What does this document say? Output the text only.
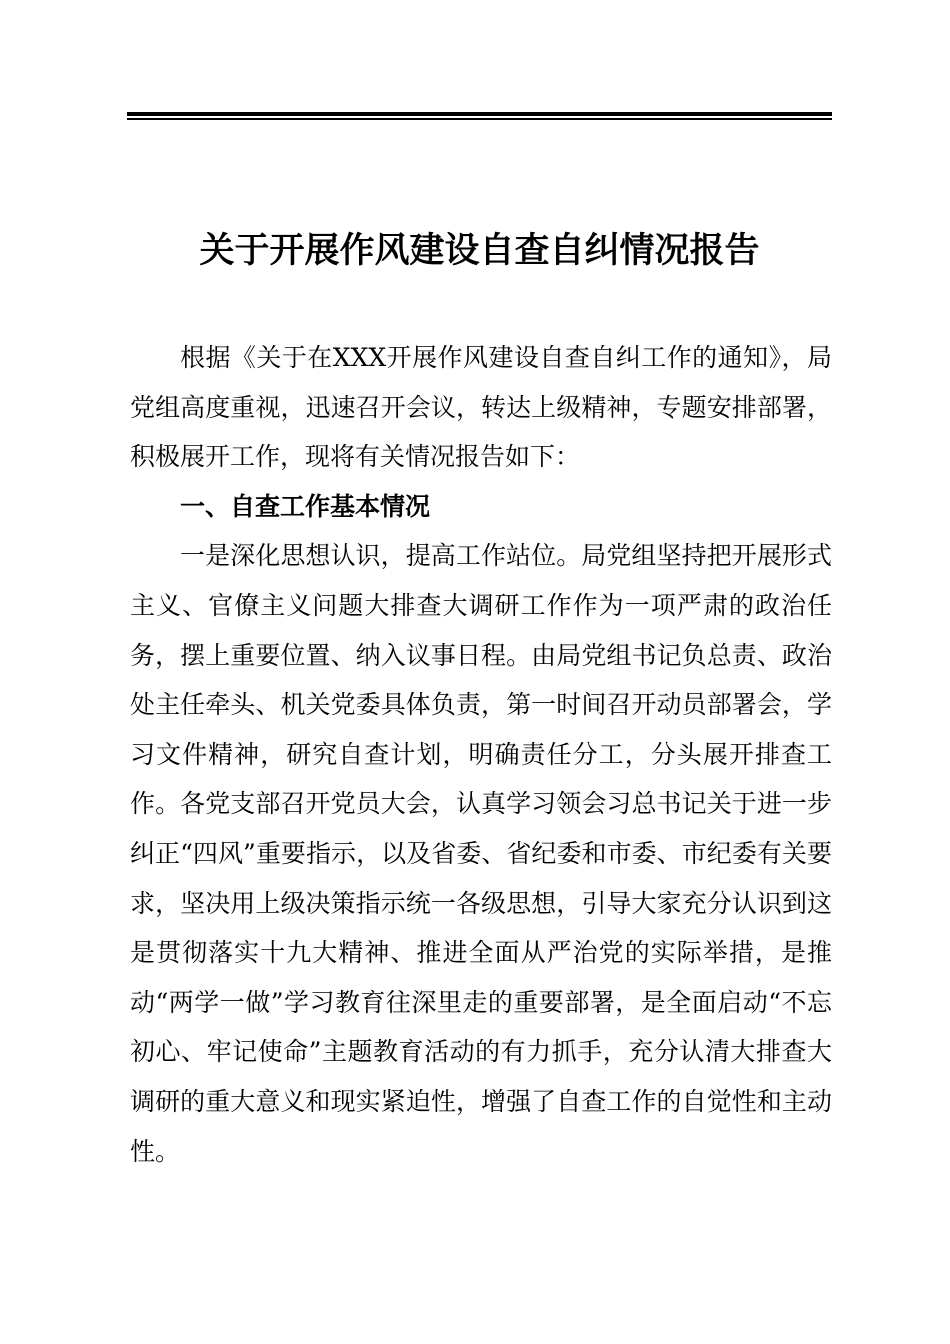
关于开展作风建设自查自纠情况报告

根据《关于在XXX开展作风建设自查自纠工作的通知》，局党组高度重视，迅速召开会议，转达上级精神，专题安排部署，积极展开工作，现将有关情况报告如下：

一、自查工作基本情况

一是深化思想认识，提高工作站位。局党组坚持把开展形式主义、官僚主义问题大排查大调研工作作为一项严肃的政治任务，摆上重要位置、纳入议事日程。由局党组书记负总责、政治处主任牵头、机关党委具体负责，第一时间召开动员部署会，学习文件精神，研究自查计划，明确责任分工，分头展开排查工作。各党支部召开党员大会，认真学习领会习总书记关于进一步纠正“四风”重要指示，以及省委、省纪委和市委、市纪委有关要求，坚决用上级决策指示统一各级思想，引导大家充分认识到这是贯彻落实十九大精神、推进全面从严治党的实际举措，是推动“两学一做”学习教育往深里走的重要部署，是全面启动“不忘初心、牢记使命”主题教育活动的有力抓手，充分认清大排查大调研的重大意义和现实紧迫性，增强了自查工作的自觉性和主动性。
